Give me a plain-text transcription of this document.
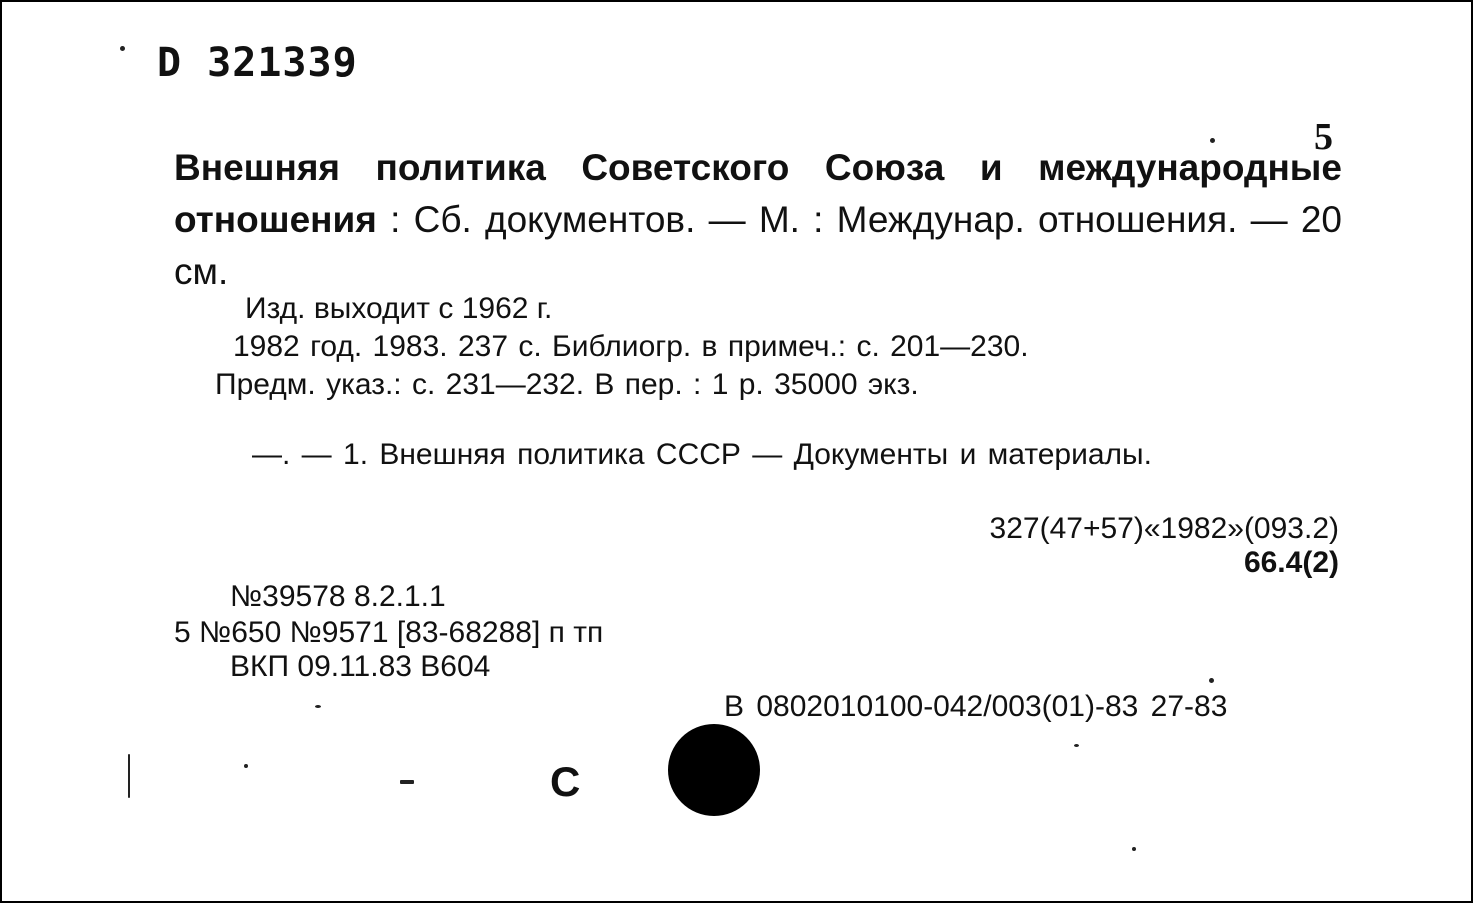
D 321339
5
Внешняя политика Советского Союза и международные отношения : Сб. документов. — М. : Междунар. отношения. — 20 см.
Изд. выходит с 1962 г.
1982 год. 1983. 237 с. Библиогр. в примеч.: с. 201—230.
Предм. указ.: с. 231—232. В пер. : 1 р. 35000 экз.
—. — 1. Внешняя политика СССР — Документы и материалы.
327(47+57)«1982»(093.2)
66.4(2)
№39578 8.2.1.1
5 №650 №9571 [83-68288] п тп
ВКП 09.11.83 В604
В 0802010100-042/003(01)-83 27-83
С
